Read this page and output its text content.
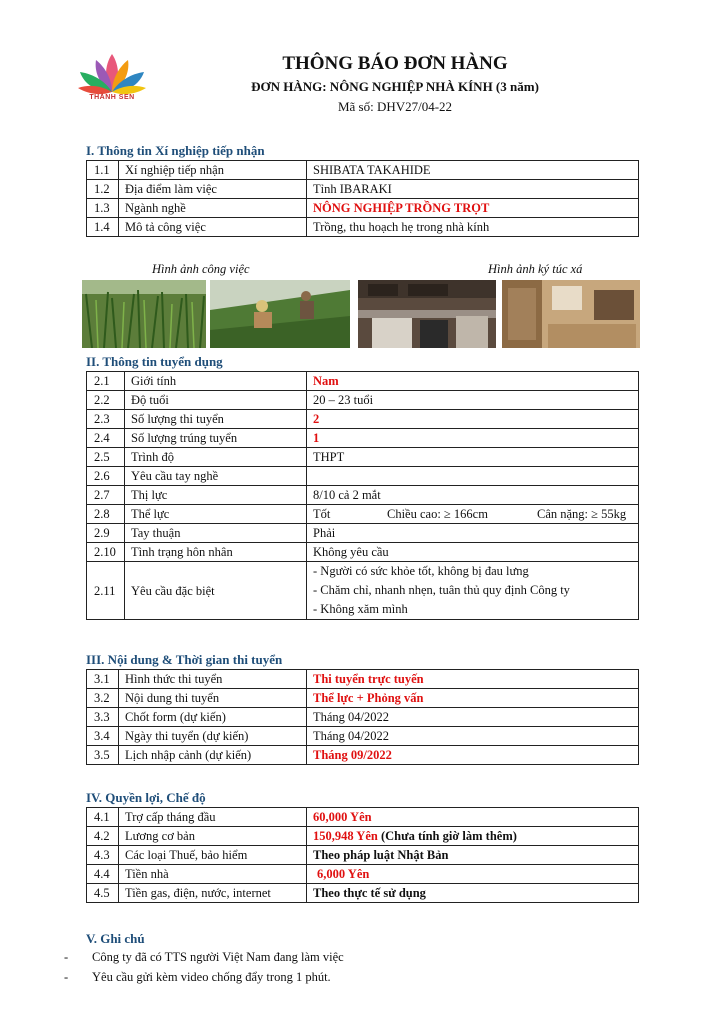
THÀNH SEN

THÔNG BÁO ĐƠN HÀNG

ĐƠN HÀNG: NÔNG NGHIỆP NHÀ KÍNH (3 năm)

Mã số: DHV27/04-22

I. Thông tin Xí nghiệp tiếp nhận
1.1	Xí nghiệp tiếp nhận	SHIBATA TAKAHIDE
1.2	Địa điểm làm việc	Tỉnh IBARAKI
1.3	Ngành nghề	NÔNG NGHIỆP TRỒNG TRỌT
1.4	Mô tả công việc	Trồng, thu hoạch hẹ trong nhà kính
Hình ảnh công việc	Hình ảnh ký túc xá
II. Thông tin tuyển dụng
2.1	Giới tính	Nam
2.2	Độ tuổi	20 – 23 tuổi
2.3	Số lượng thi tuyển	2
2.4	Số lượng trúng tuyển	1
2.5	Trình độ	THPT
2.6	Yêu cầu tay nghề	
2.7	Thị lực	8/10 cả 2 mắt
2.8	Thể lực	Tốt Chiều cao: ≥ 166cm Cân nặng: ≥ 55kg
2.9	Tay thuận	Phải
2.10	Tình trạng hôn nhân	Không yêu cầu
2.11	Yêu cầu đặc biệt	- Người có sức khỏe tốt, không bị đau lưng
- Chăm chỉ, nhanh nhẹn, tuân thủ quy định Công ty
- Không xăm mình
III. Nội dung & Thời gian thi tuyển
3.1	Hình thức thi tuyển	Thi tuyển trực tuyến
3.2	Nội dung thi tuyển	Thể lực + Phỏng vấn
3.3	Chốt form (dự kiến)	Tháng 04/2022
3.4	Ngày thi tuyển (dự kiến)	Tháng 04/2022
3.5	Lịch nhập cảnh (dự kiến)	Tháng 09/2022
IV. Quyền lợi, Chế độ
4.1	Trợ cấp tháng đầu	60,000 Yên
4.2	Lương cơ bản	150,948 Yên (Chưa tính giờ làm thêm)
4.3	Các loại Thuế, bảo hiểm	Theo pháp luật Nhật Bản
4.4	Tiền nhà	6,000 Yên
4.5	Tiền gas, điện, nước, internet	Theo thực tế sử dụng
V. Ghi chú
- Công ty đã có TTS người Việt Nam đang làm việc
- Yêu cầu gửi kèm video chống đẩy trong 1 phút.
